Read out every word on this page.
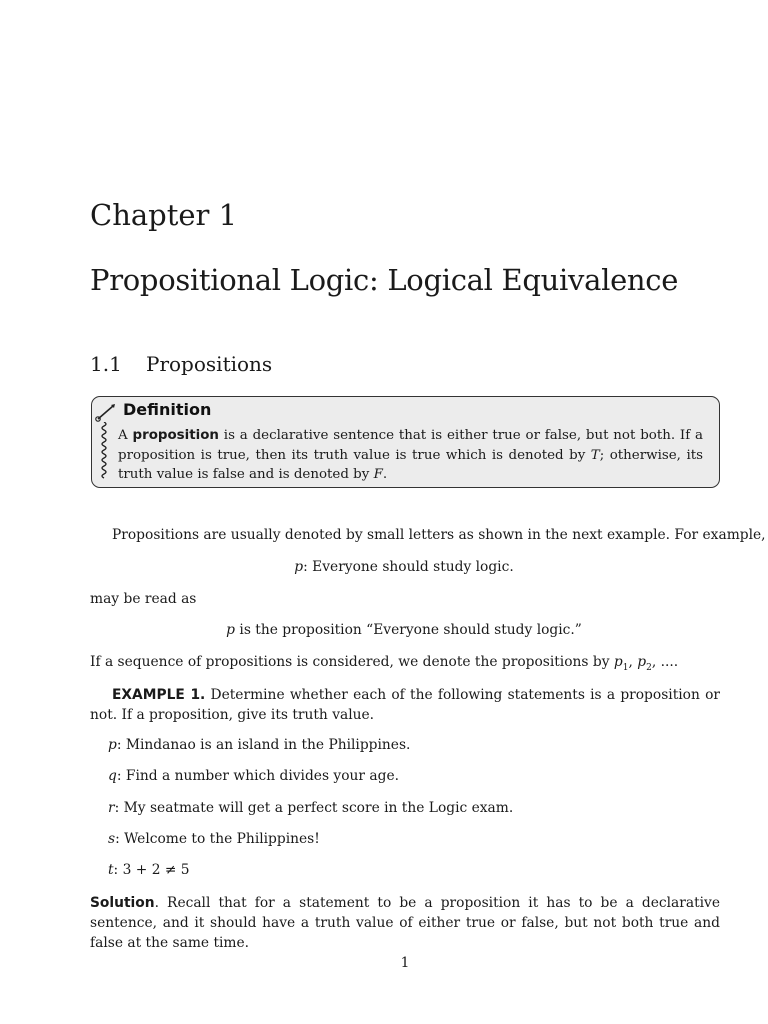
Chapter 1
Propositional Logic: Logical Equivalence
1.1 Propositions
Definition
A proposition is a declarative sentence that is either true or false, but not both. If a proposition is true, then its truth value is true which is denoted by T; otherwise, its truth value is false and is denoted by F.
Propositions are usually denoted by small letters as shown in the next example. For example,
p: Everyone should study logic.
may be read as
p is the proposition “Everyone should study logic.”
If a sequence of propositions is considered, we denote the propositions by $p_1$, $p_2$, ....
EXAMPLE 1. Determine whether each of the following statements is a proposition or not. If a proposition, give its truth value.
p: Mindanao is an island in the Philippines.
q: Find a number which divides your age.
r: My seatmate will get a perfect score in the Logic exam.
s: Welcome to the Philippines!
t: 3 + 2 ≠ 5
Solution. Recall that for a statement to be a proposition it has to be a declarative sentence, and it should have a truth value of either true or false, but not both true and false at the same time.
1
